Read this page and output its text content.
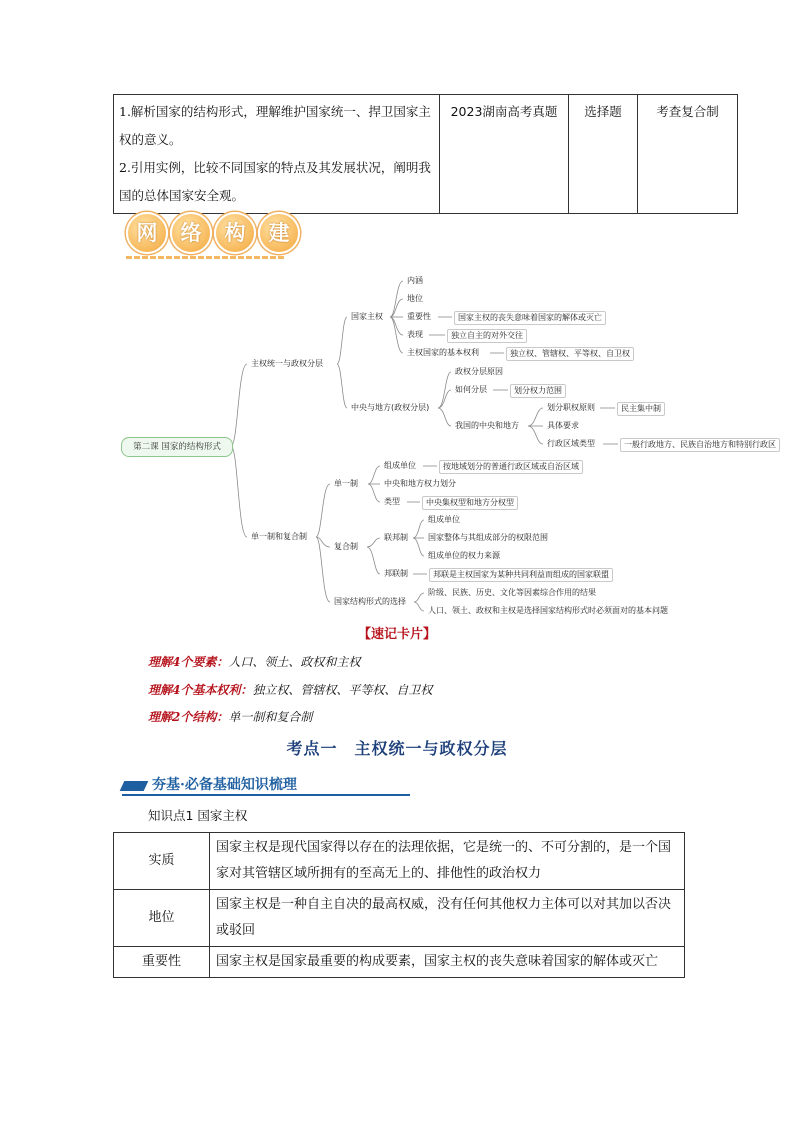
1.解析国家的结构形式，理解维护国家统一、捍卫国家主权的意义。
2.引用实例，比较不同国家的特点及其发展状况，阐明我国的总体国家安全观。
	2023湖南高考真题	选择题	考查复合制
网	络	构	建
第二课 国家的结构形式
主权统一与政权分层
国家主权
内涵
地位
重要性	国家主权的丧失意味着国家的解体或灭亡
表现	独立自主的对外交往
主权国家的基本权利	独立权、管辖权、平等权、自卫权
中央与地方(政权分层)
政权分层原因
如何分层	划分权力范围
我国的中央和地方
划分职权原则	民主集中制
具体要求
行政区域类型	一般行政地方、民族自治地方和特别行政区
单一制和复合制
单一制
组成单位	按地域划分的普通行政区域或自治区域
中央和地方权力划分
类型	中央集权型和地方分权型
复合制
联邦制
组成单位
国家整体与其组成部分的权限范围
组成单位的权力来源
邦联制	邦联是主权国家为某种共同利益而组成的国家联盟
国家结构形式的选择
阶级、民族、历史、文化等因素综合作用的结果
人口、领土、政权和主权是选择国家结构形式时必须面对的基本问题
【速记卡片】
理解4个要素：人口、领土、政权和主权
理解4个基本权利：独立权、管辖权、平等权、自卫权
理解2个结构：单一制和复合制
考点一　主权统一与政权分层
夯基·必备基础知识梳理
知识点1 国家主权
实质	国家主权是现代国家得以存在的法理依据，它是统一的、不可分割的，是一个国家对其管辖区域所拥有的至高无上的、排他性的政治权力
地位	国家主权是一种自主自决的最高权威，没有任何其他权力主体可以对其加以否决或驳回
重要性	国家主权是国家最重要的构成要素，国家主权的丧失意味着国家的解体或灭亡
